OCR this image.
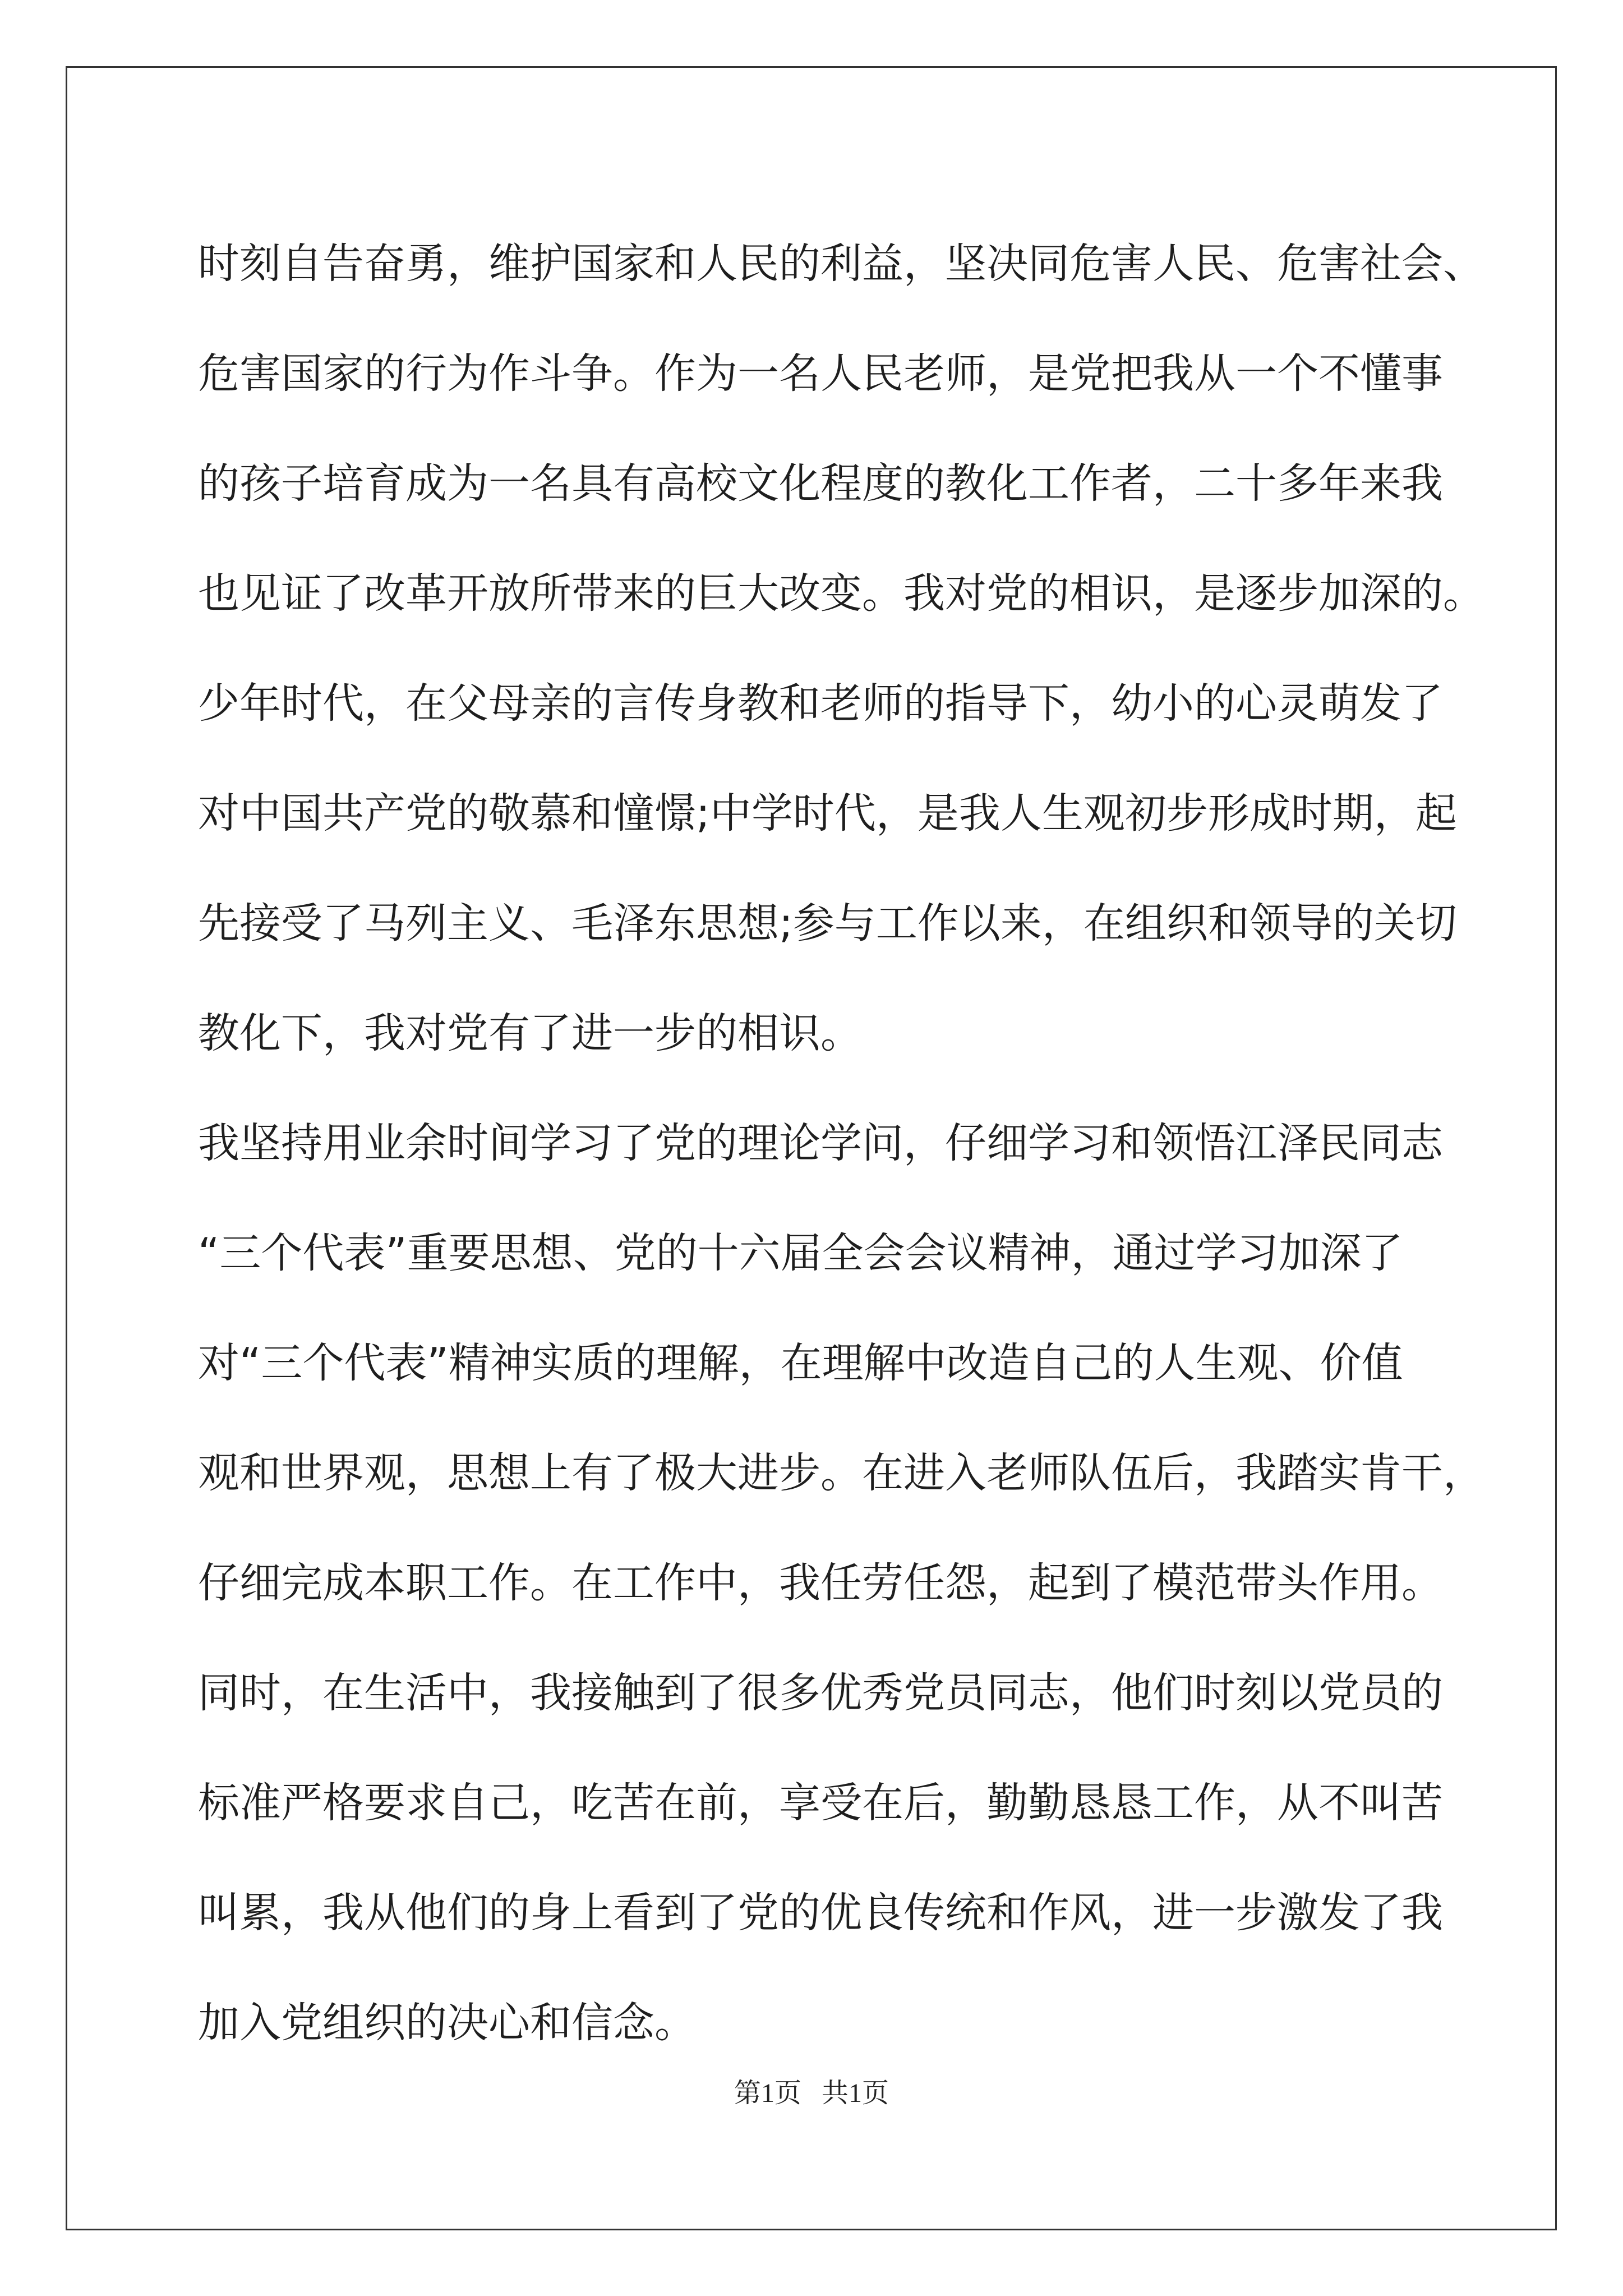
时刻自告奋勇，维护国家和人民的利益，坚决同危害人民、危害社会、
危害国家的行为作斗争。作为一名人民老师，是党把我从一个不懂事
的孩子培育成为一名具有高校文化程度的教化工作者，二十多年来我
也见证了改革开放所带来的巨大改变。我对党的相识，是逐步加深的。
少年时代，在父母亲的言传身教和老师的指导下，幼小的心灵萌发了
对中国共产党的敬慕和憧憬;中学时代，是我人生观初步形成时期，起
先接受了马列主义、毛泽东思想;参与工作以来，在组织和领导的关切
教化下，我对党有了进一步的相识。
我坚持用业余时间学习了党的理论学问，仔细学习和领悟江泽民同志
“三个代表”重要思想、党的十六届全会会议精神，通过学习加深了
对“三个代表”精神实质的理解，在理解中改造自己的人生观、价值
观和世界观，思想上有了极大进步。在进入老师队伍后，我踏实肯干，
仔细完成本职工作。在工作中，我任劳任怨，起到了模范带头作用。
同时，在生活中，我接触到了很多优秀党员同志，他们时刻以党员的
标准严格要求自己，吃苦在前，享受在后，勤勤恳恳工作，从不叫苦
叫累，我从他们的身上看到了党的优良传统和作风，进一步激发了我
加入党组织的决心和信念。
第1页   共1页
